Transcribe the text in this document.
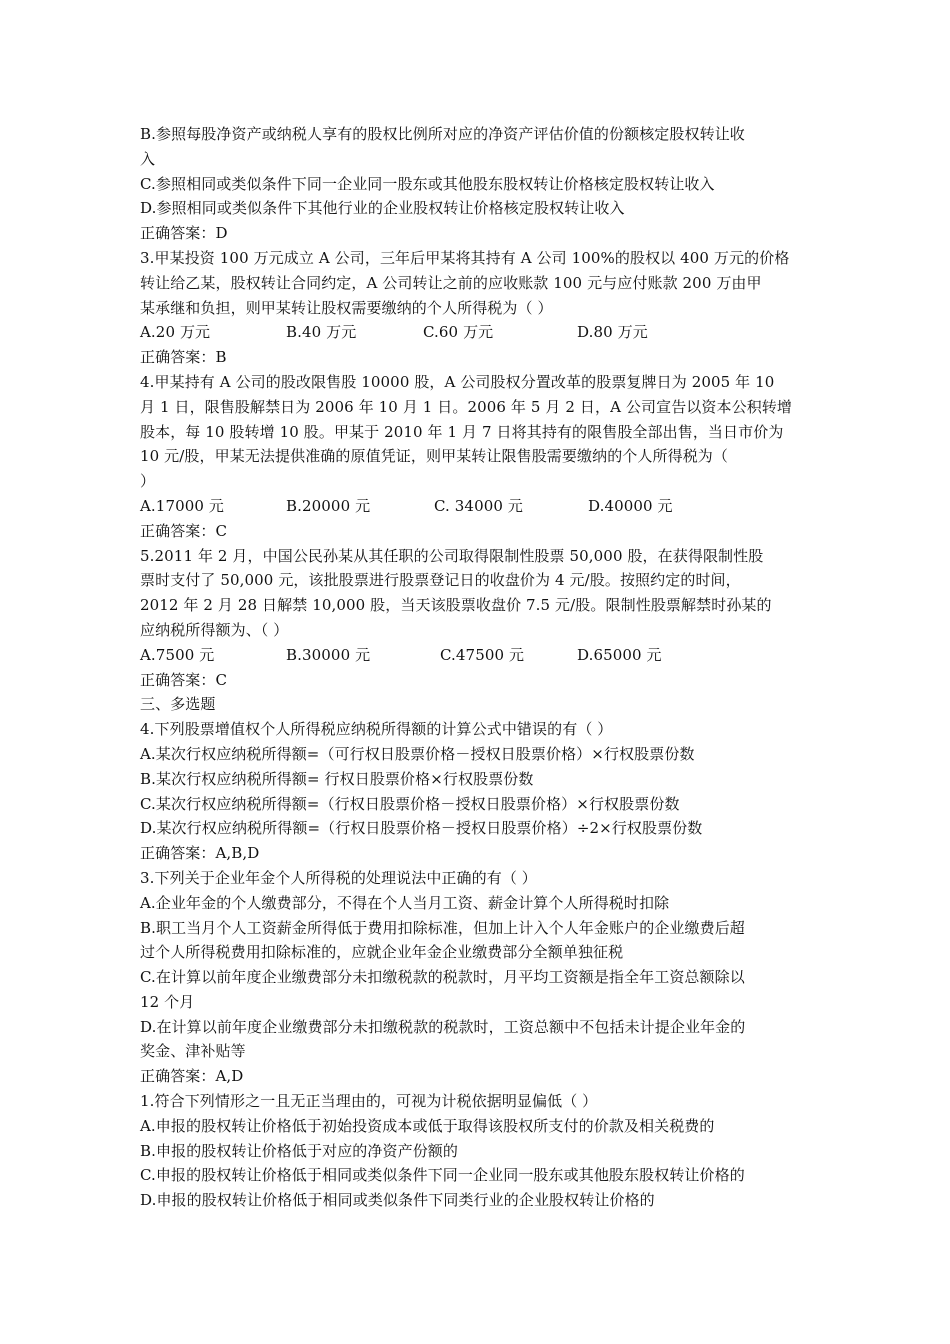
B.参照每股净资产或纳税人享有的股权比例所对应的净资产评估价值的份额核定股权转让收
入
C.参照相同或类似条件下同一企业同一股东或其他股东股权转让价格核定股权转让收入
D.参照相同或类似条件下其他行业的企业股权转让价格核定股权转让收入
正确答案：D
3.甲某投资 100 万元成立 A 公司，三年后甲某将其持有 A 公司 100%的股权以 400 万元的价格
转让给乙某，股权转让合同约定，A 公司转让之前的应收账款 100 元与应付账款 200 万由甲
某承继和负担，则甲某转让股权需要缴纳的个人所得税为（ ）
A.20 万元	B.40 万元	C.60 万元	D.80 万元
正确答案：B
4.甲某持有 A 公司的股改限售股 10000 股，A 公司股权分置改革的股票复牌日为 2005 年 10
月 1 日，限售股解禁日为 2006 年 10 月 1 日。2006 年 5 月 2 日，A 公司宣告以资本公积转增
股本，每 10 股转增 10 股。甲某于 2010 年 1 月 7 日将其持有的限售股全部出售，当日市价为
10 元/股，甲某无法提供准确的原值凭证，则甲某转让限售股需要缴纳的个人所得税为（
）
A.17000 元	B.20000 元	C. 34000 元	D.40000 元
正确答案：C
5.2011 年 2 月，中国公民孙某从其任职的公司取得限制性股票 50,000 股，在获得限制性股
票时支付了 50,000 元，该批股票进行股票登记日的收盘价为 4 元/股。按照约定的时间，
2012 年 2 月 28 日解禁 10,000 股，当天该股票收盘价 7.5 元/股。限制性股票解禁时孙某的
应纳税所得额为、（ ）
A.7500 元	B.30000 元	C.47500 元	D.65000 元
正确答案：C
三、多选题
4.下列股票增值权个人所得税应纳税所得额的计算公式中错误的有（ ）
A.某次行权应纳税所得额=（可行权日股票价格－授权日股票价格）×行权股票份数
B.某次行权应纳税所得额= 行权日股票价格×行权股票份数
C.某次行权应纳税所得额=（行权日股票价格－授权日股票价格）×行权股票份数
D.某次行权应纳税所得额=（行权日股票价格－授权日股票价格）÷2×行权股票份数
正确答案：A,B,D
3.下列关于企业年金个人所得税的处理说法中正确的有（ ）
A.企业年金的个人缴费部分，不得在个人当月工资、薪金计算个人所得税时扣除
B.职工当月个人工资薪金所得低于费用扣除标准，但加上计入个人年金账户的企业缴费后超
过个人所得税费用扣除标准的，应就企业年金企业缴费部分全额单独征税
C.在计算以前年度企业缴费部分未扣缴税款的税款时，月平均工资额是指全年工资总额除以
12 个月
D.在计算以前年度企业缴费部分未扣缴税款的税款时，工资总额中不包括未计提企业年金的
奖金、津补贴等
正确答案：A,D
1.符合下列情形之一且无正当理由的，可视为计税依据明显偏低（ ）
A.申报的股权转让价格低于初始投资成本或低于取得该股权所支付的价款及相关税费的
B.申报的股权转让价格低于对应的净资产份额的
C.申报的股权转让价格低于相同或类似条件下同一企业同一股东或其他股东股权转让价格的
D.申报的股权转让价格低于相同或类似条件下同类行业的企业股权转让价格的
